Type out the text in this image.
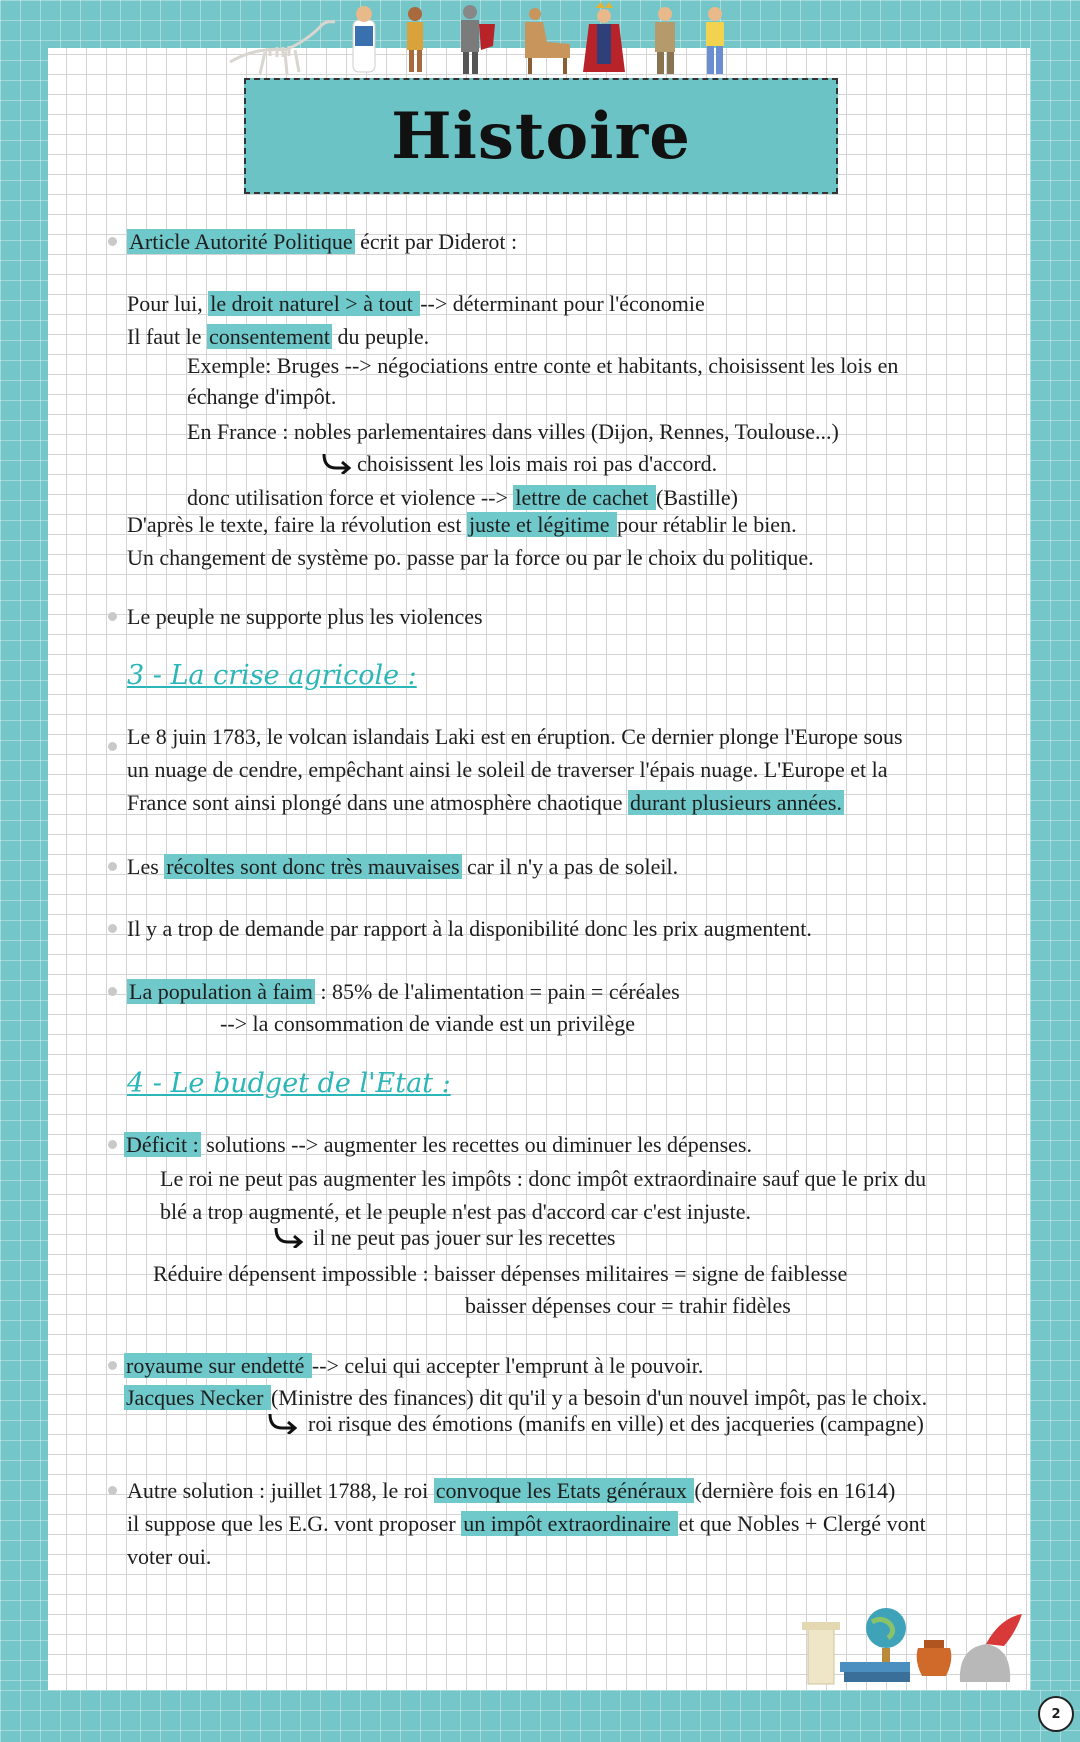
Histoire
Article Autorité Politique écrit par Diderot :
Pour lui, le droit naturel > à tout --> déterminant pour l'économie
Il faut le consentement du peuple.
Exemple: Bruges --> négociations entre conte et habitants, choisissent les lois en
échange d'impôt.
En France : nobles parlementaires dans villes (Dijon, Rennes, Toulouse...)
choisissent les lois mais roi pas d'accord.
donc utilisation force et violence --> lettre de cachet (Bastille)
D'après le texte, faire la révolution est juste et légitime pour rétablir le bien.
Un changement de système po. passe par la force ou par le choix du politique.
Le peuple ne supporte plus les violences
3 - La crise agricole :
Le 8 juin 1783, le volcan islandais Laki est en éruption. Ce dernier plonge l'Europe sous
un nuage de cendre, empêchant ainsi le soleil de traverser l'épais nuage. L'Europe et la
France sont ainsi plongé dans une atmosphère chaotique durant plusieurs années.
Les récoltes sont donc très mauvaises car il n'y a pas de soleil.
Il y a trop de demande par rapport à la disponibilité donc les prix augmentent.
La population à faim : 85% de l'alimentation = pain = céréales
--> la consommation de viande est un privilège
4 - Le budget de l'Etat :
Déficit : solutions --> augmenter les recettes ou diminuer les dépenses.
Le roi ne peut pas augmenter les impôts : donc impôt extraordinaire sauf que le prix du
blé a trop augmenté, et le peuple n'est pas d'accord car c'est injuste.
il ne peut pas jouer sur les recettes
Réduire dépensent impossible : baisser dépenses militaires = signe de faiblesse
baisser dépenses cour = trahir fidèles
royaume sur endetté --> celui qui accepter l'emprunt à le pouvoir.
Jacques Necker (Ministre des finances) dit qu'il y a besoin d'un nouvel impôt, pas le choix.
roi risque des émotions (manifs en ville) et des jacqueries (campagne)
Autre solution : juillet 1788, le roi convoque les Etats généraux (dernière fois en 1614)
il suppose que les E.G. vont proposer un impôt extraordinaire et que Nobles + Clergé vont
voter oui.
2
